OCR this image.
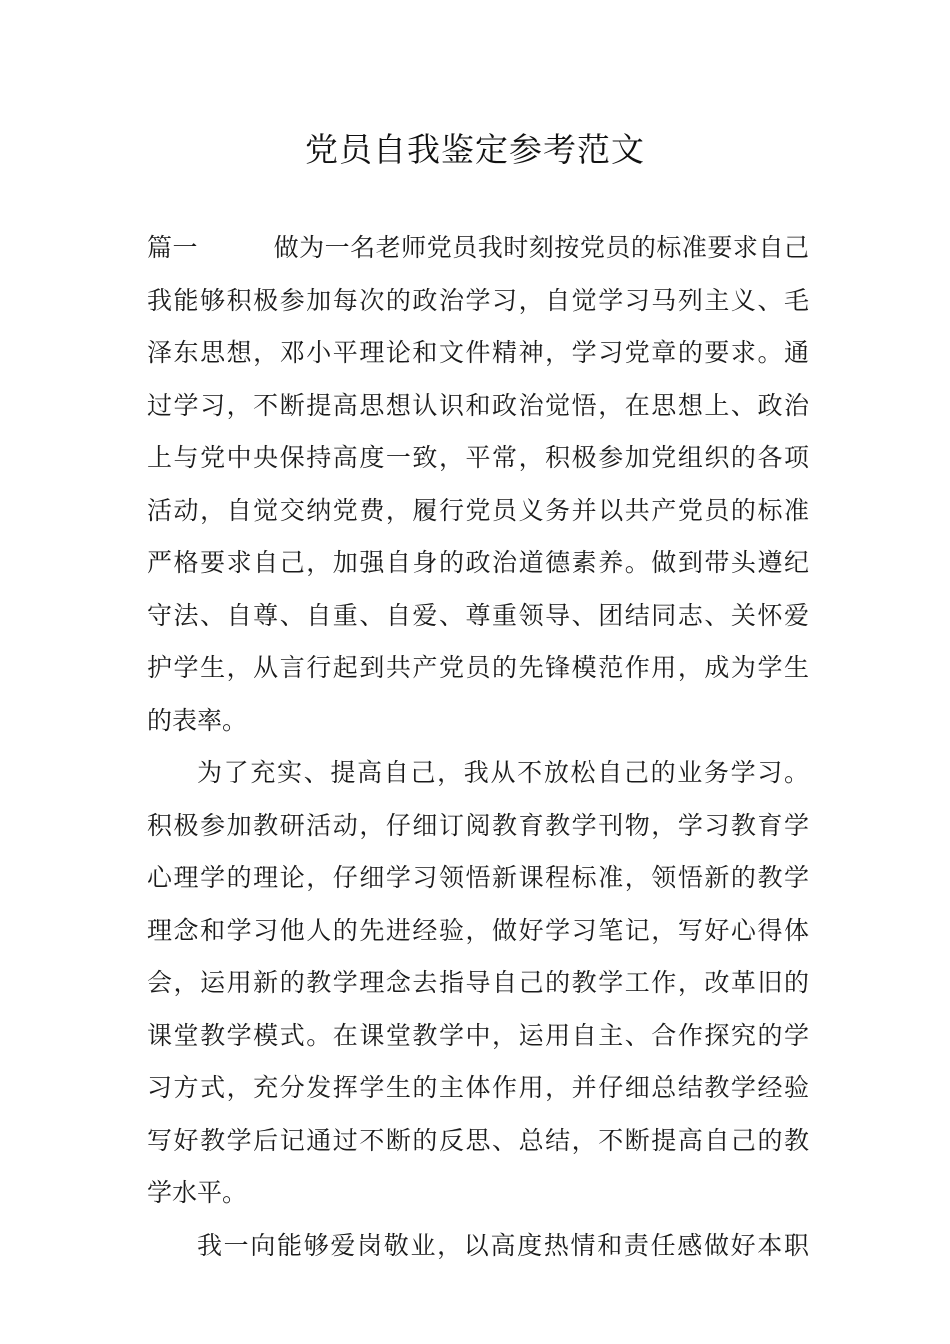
党员自我鉴定参考范文
篇一	做为一名老师党员我时刻按党员的标准要求自己
我能够积极参加每次的政治学习，自觉学习马列主义、毛
泽东思想，邓小平理论和文件精神，学习党章的要求。通
过学习，不断提高思想认识和政治觉悟，在思想上、政治
上与党中央保持高度一致，平常，积极参加党组织的各项
活动，自觉交纳党费，履行党员义务并以共产党员的标准
严格要求自己，加强自身的政治道德素养。做到带头遵纪
守法、自尊、自重、自爱、尊重领导、团结同志、关怀爱
护学生，从言行起到共产党员的先锋模范作用，成为学生
的表率。
为了充实、提高自己，我从不放松自己的业务学习。
积极参加教研活动，仔细订阅教育教学刊物，学习教育学
心理学的理论，仔细学习领悟新课程标准，领悟新的教学
理念和学习他人的先进经验，做好学习笔记，写好心得体
会，运用新的教学理念去指导自己的教学工作，改革旧的
课堂教学模式。在课堂教学中，运用自主、合作探究的学
习方式，充分发挥学生的主体作用，并仔细总结教学经验
写好教学后记通过不断的反思、总结，不断提高自己的教
学水平。
我一向能够爱岗敬业，以高度热情和责任感做好本职
